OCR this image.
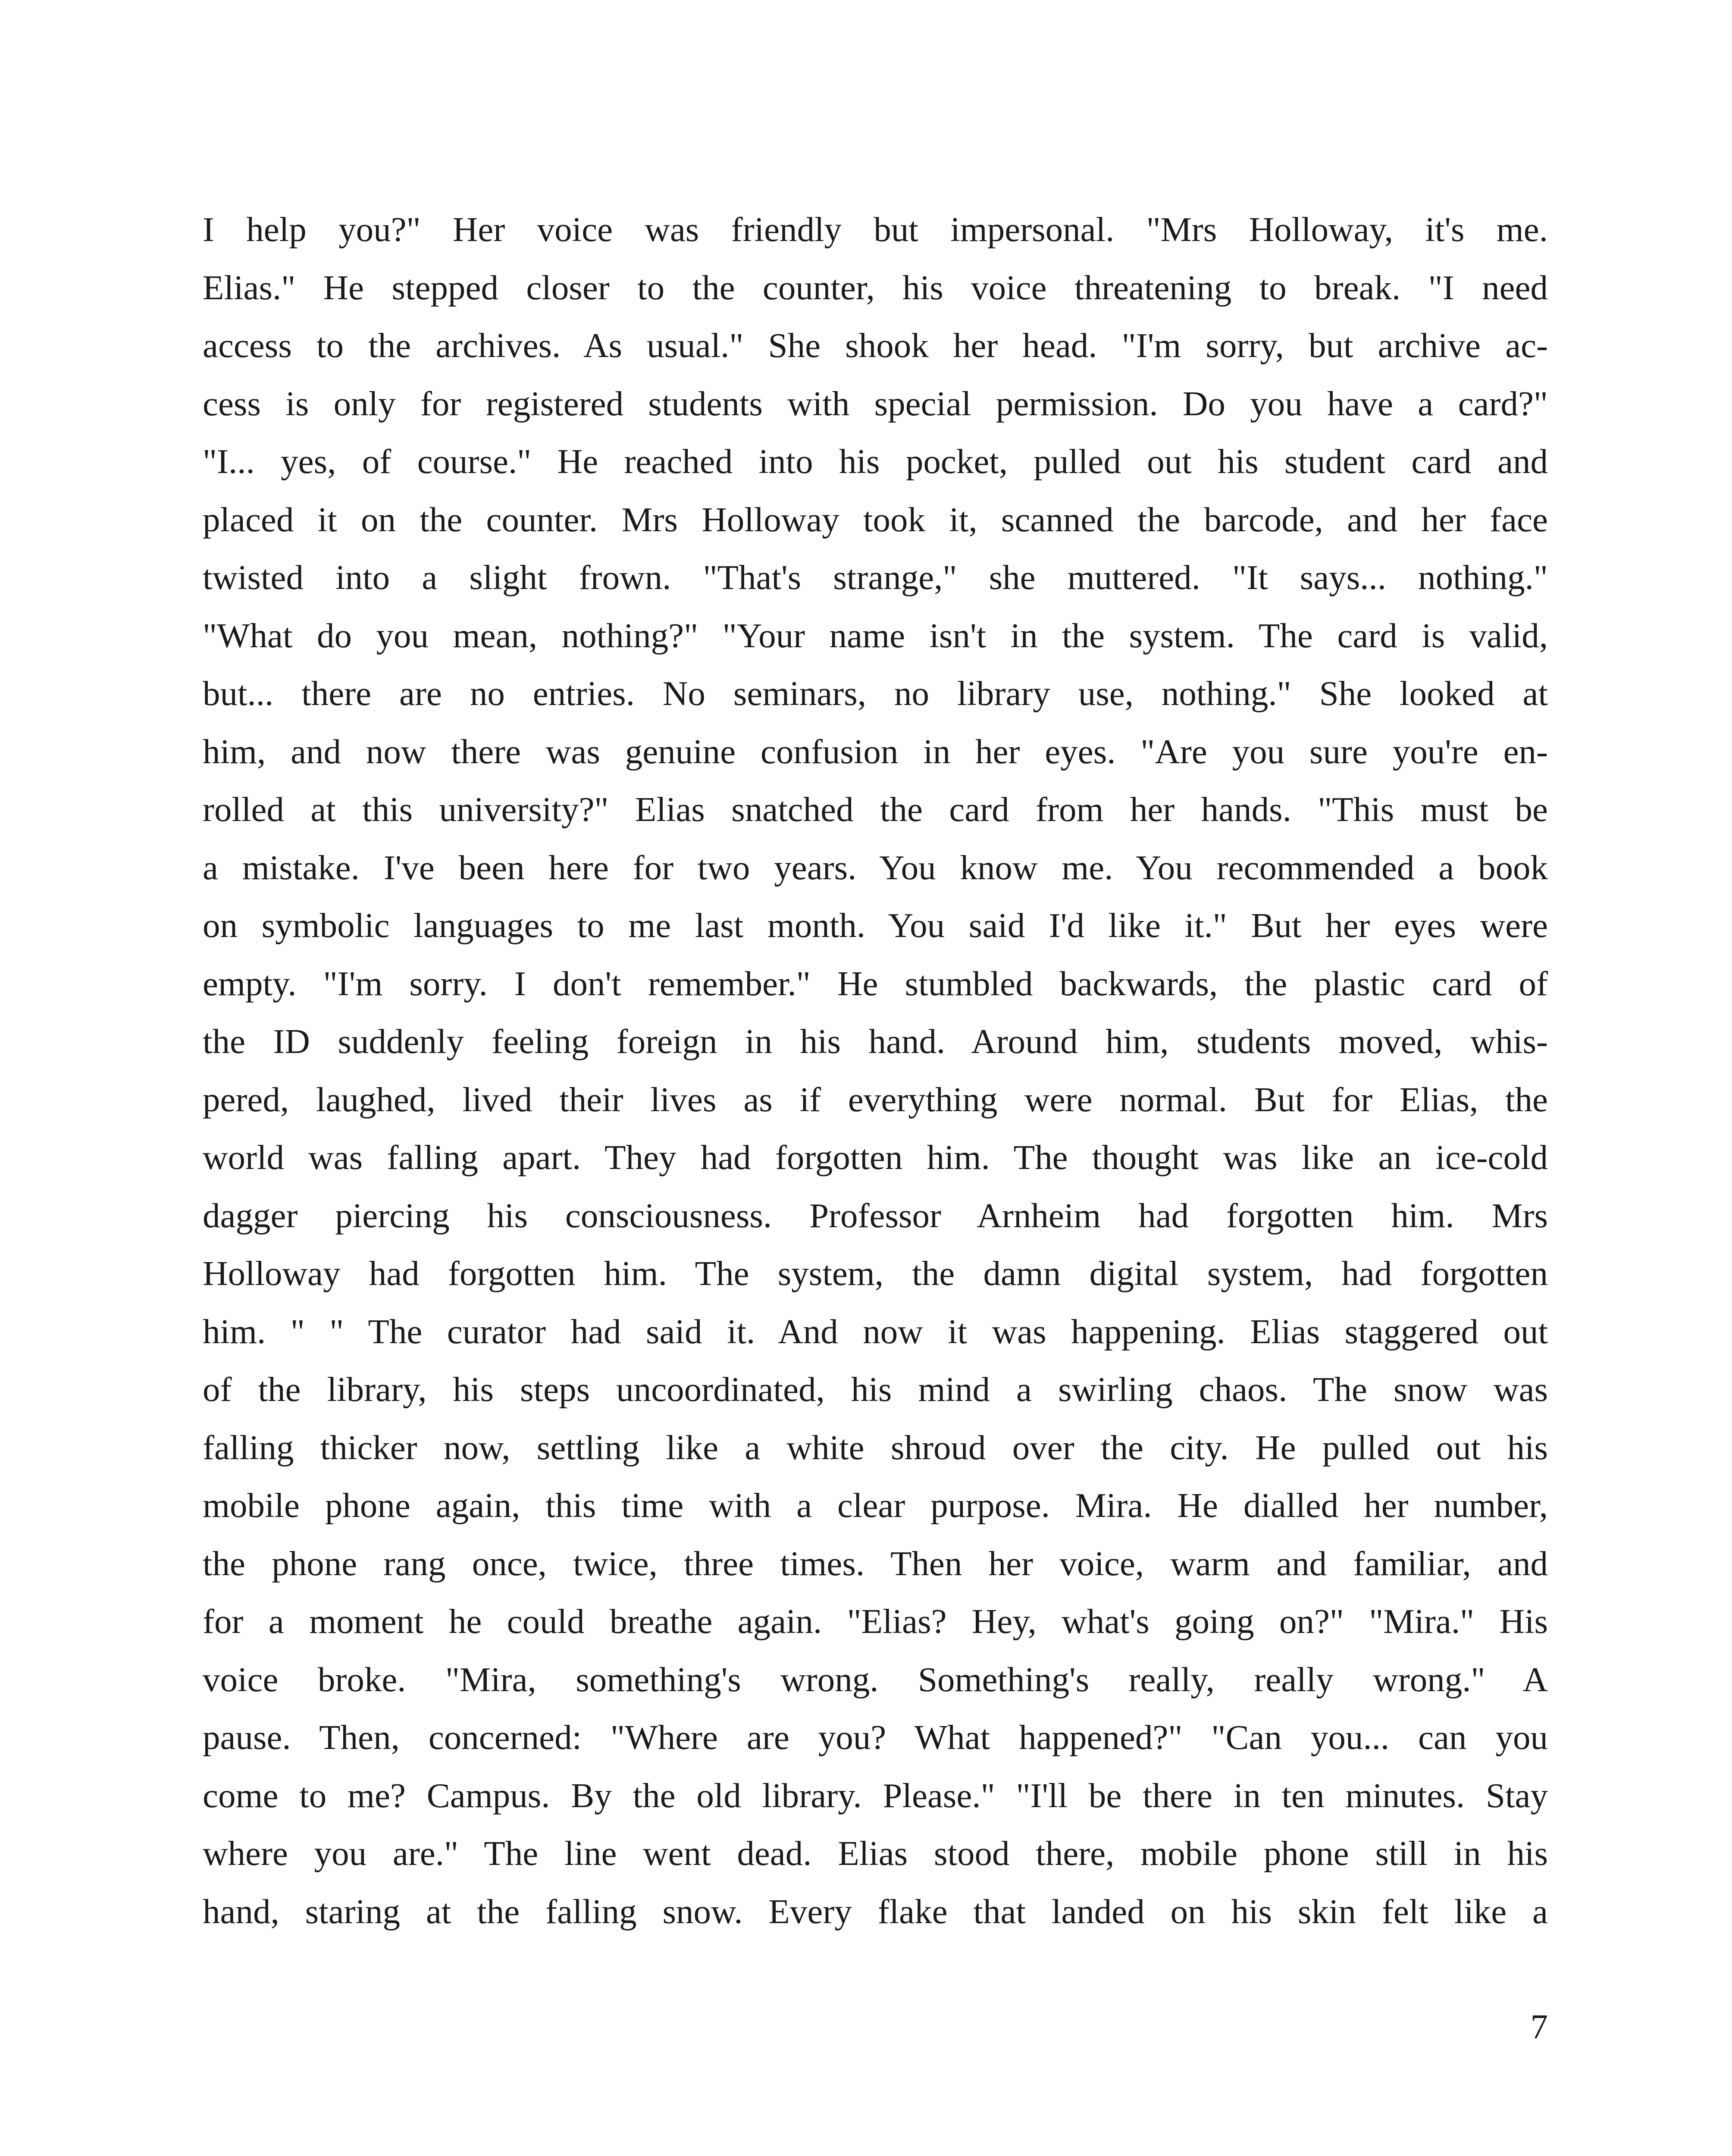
I help you?" Her voice was friendly but impersonal. "Mrs Holloway, it's me.
Elias." He stepped closer to the counter, his voice threatening to break. "I need
access to the archives. As usual." She shook her head. "I'm sorry, but archive ac-
cess is only for registered students with special permission. Do you have a card?"
"I... yes, of course." He reached into his pocket, pulled out his student card and
placed it on the counter. Mrs Holloway took it, scanned the barcode, and her face
twisted into a slight frown. "That's strange," she muttered. "It says... nothing."
"What do you mean, nothing?" "Your name isn't in the system. The card is valid,
but... there are no entries. No seminars, no library use, nothing." She looked at
him, and now there was genuine confusion in her eyes. "Are you sure you're en-
rolled at this university?" Elias snatched the card from her hands. "This must be
a mistake. I've been here for two years. You know me. You recommended a book
on symbolic languages to me last month. You said I'd like it." But her eyes were
empty. "I'm sorry. I don't remember." He stumbled backwards, the plastic card of
the ID suddenly feeling foreign in his hand. Around him, students moved, whis-
pered, laughed, lived their lives as if everything were normal. But for Elias, the
world was falling apart. They had forgotten him. The thought was like an ice-cold
dagger piercing his consciousness. Professor Arnheim had forgotten him. Mrs
Holloway had forgotten him. The system, the damn digital system, had forgotten
him. " " The curator had said it. And now it was happening. Elias staggered out
of the library, his steps uncoordinated, his mind a swirling chaos. The snow was
falling thicker now, settling like a white shroud over the city. He pulled out his
mobile phone again, this time with a clear purpose. Mira. He dialled her number,
the phone rang once, twice, three times. Then her voice, warm and familiar, and
for a moment he could breathe again. "Elias? Hey, what's going on?" "Mira." His
voice broke. "Mira, something's wrong. Something's really, really wrong." A
pause. Then, concerned: "Where are you? What happened?" "Can you... can you
come to me? Campus. By the old library. Please." "I'll be there in ten minutes. Stay
where you are." The line went dead. Elias stood there, mobile phone still in his
hand, staring at the falling snow. Every flake that landed on his skin felt like a
7
